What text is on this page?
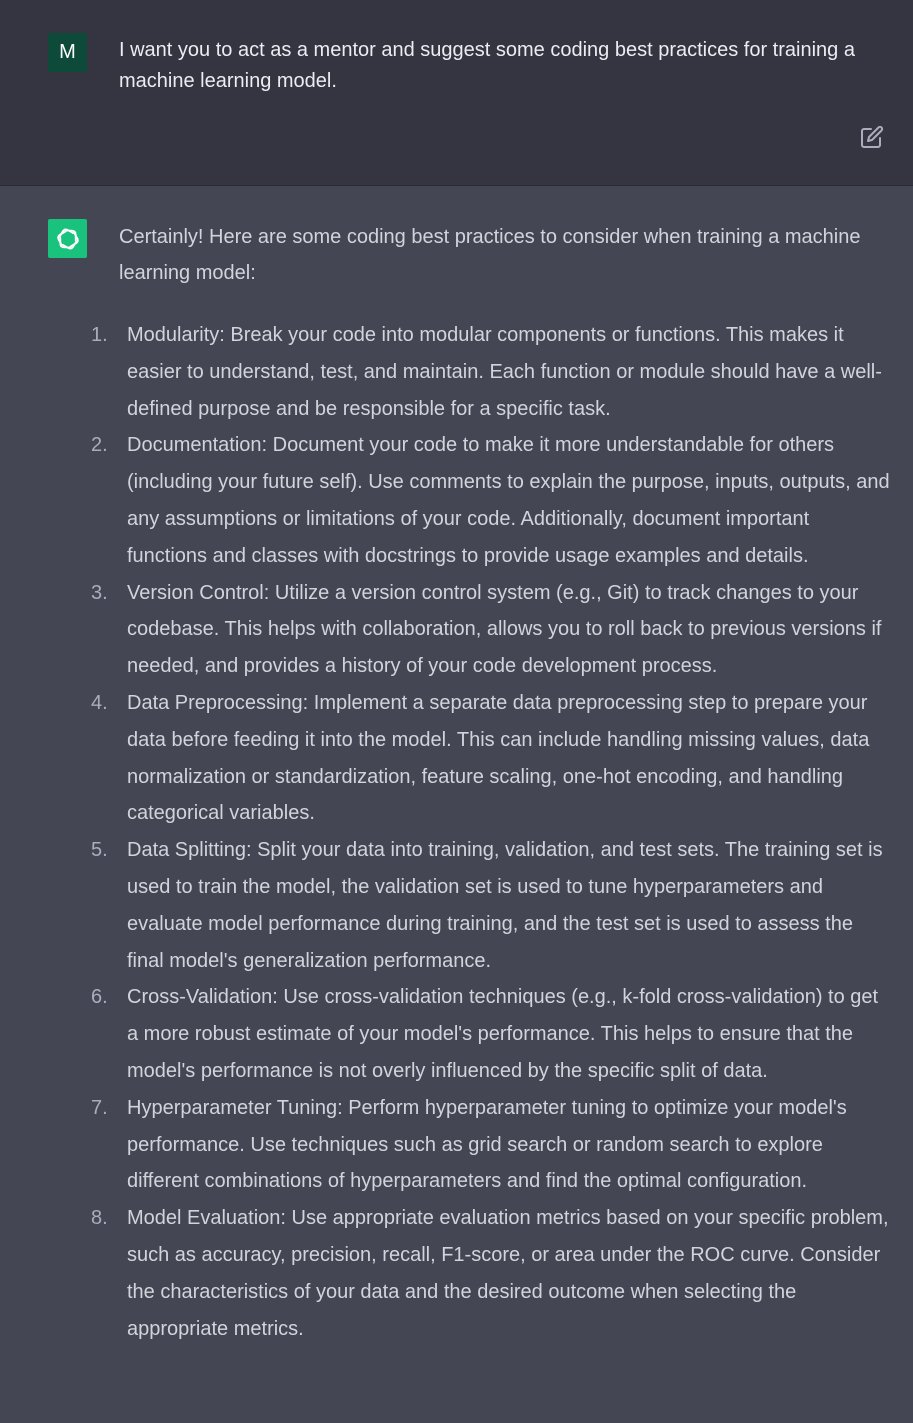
M	I want you to act as a mentor and suggest some coding best practices for training a machine learning model.

Certainly! Here are some coding best practices to consider when training a machine learning model:

1. Modularity: Break your code into modular components or functions. This makes it easier to understand, test, and maintain. Each function or module should have a well-defined purpose and be responsible for a specific task.
2. Documentation: Document your code to make it more understandable for others (including your future self). Use comments to explain the purpose, inputs, outputs, and any assumptions or limitations of your code. Additionally, document important functions and classes with docstrings to provide usage examples and details.
3. Version Control: Utilize a version control system (e.g., Git) to track changes to your codebase. This helps with collaboration, allows you to roll back to previous versions if needed, and provides a history of your code development process.
4. Data Preprocessing: Implement a separate data preprocessing step to prepare your data before feeding it into the model. This can include handling missing values, data normalization or standardization, feature scaling, one-hot encoding, and handling categorical variables.
5. Data Splitting: Split your data into training, validation, and test sets. The training set is used to train the model, the validation set is used to tune hyperparameters and evaluate model performance during training, and the test set is used to assess the final model's generalization performance.
6. Cross-Validation: Use cross-validation techniques (e.g., k-fold cross-validation) to get a more robust estimate of your model's performance. This helps to ensure that the model's performance is not overly influenced by the specific split of data.
7. Hyperparameter Tuning: Perform hyperparameter tuning to optimize your model's performance. Use techniques such as grid search or random search to explore different combinations of hyperparameters and find the optimal configuration.
8. Model Evaluation: Use appropriate evaluation metrics based on your specific problem, such as accuracy, precision, recall, F1-score, or area under the ROC curve. Consider the characteristics of your data and the desired outcome when selecting the appropriate metrics.
